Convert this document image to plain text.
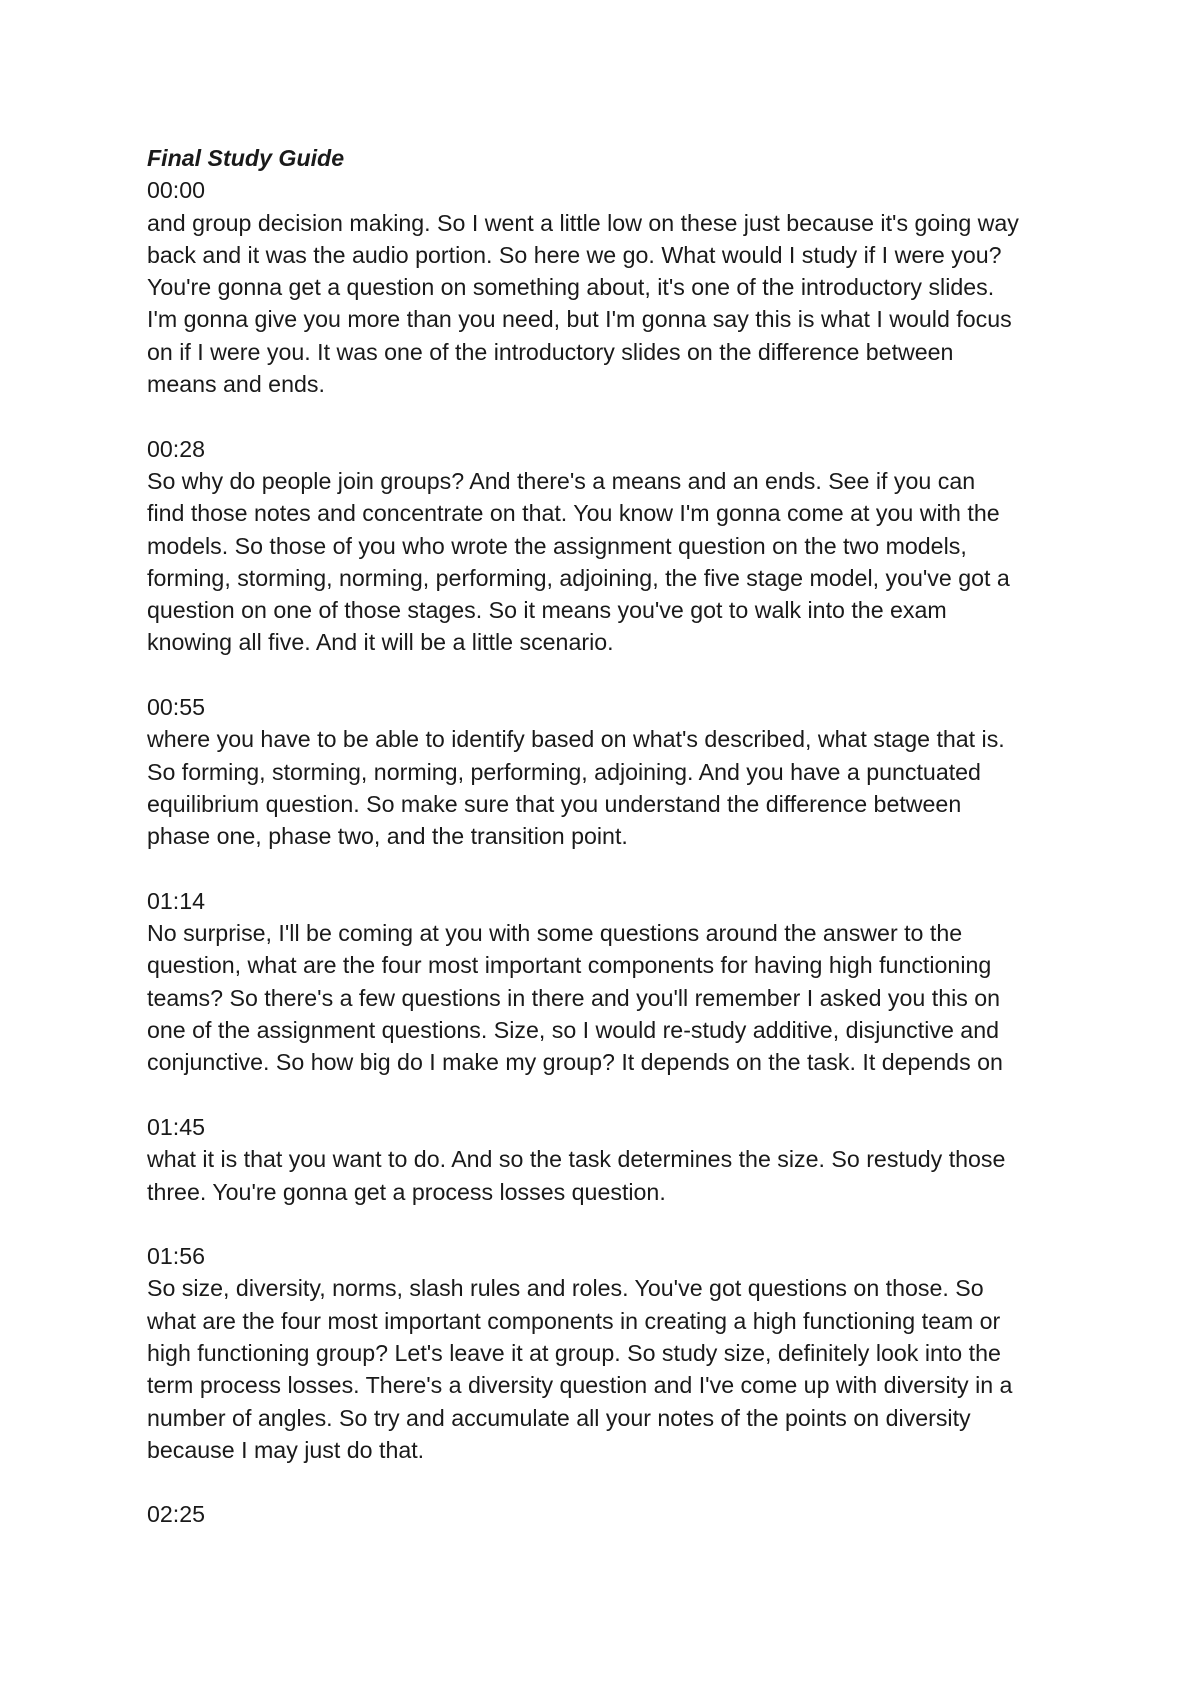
Final Study Guide
00:00
and group decision making. So I went a little low on these just because it's going way
back and it was the audio portion. So here we go. What would I study if I were you?
You're gonna get a question on something about, it's one of the introductory slides.
I'm gonna give you more than you need, but I'm gonna say this is what I would focus
on if I were you. It was one of the introductory slides on the difference between
means and ends.
00:28
So why do people join groups? And there's a means and an ends. See if you can
find those notes and concentrate on that. You know I'm gonna come at you with the
models. So those of you who wrote the assignment question on the two models,
forming, storming, norming, performing, adjoining, the five stage model, you've got a
question on one of those stages. So it means you've got to walk into the exam
knowing all five. And it will be a little scenario.
00:55
where you have to be able to identify based on what's described, what stage that is.
So forming, storming, norming, performing, adjoining. And you have a punctuated
equilibrium question. So make sure that you understand the difference between
phase one, phase two, and the transition point.
01:14
No surprise, I'll be coming at you with some questions around the answer to the
question, what are the four most important components for having high functioning
teams? So there's a few questions in there and you'll remember I asked you this on
one of the assignment questions. Size, so I would re-study additive, disjunctive and
conjunctive. So how big do I make my group? It depends on the task. It depends on
01:45
what it is that you want to do. And so the task determines the size. So restudy those
three. You're gonna get a process losses question.
01:56
So size, diversity, norms, slash rules and roles. You've got questions on those. So
what are the four most important components in creating a high functioning team or
high functioning group? Let's leave it at group. So study size, definitely look into the
term process losses. There's a diversity question and I've come up with diversity in a
number of angles. So try and accumulate all your notes of the points on diversity
because I may just do that.
02:25
